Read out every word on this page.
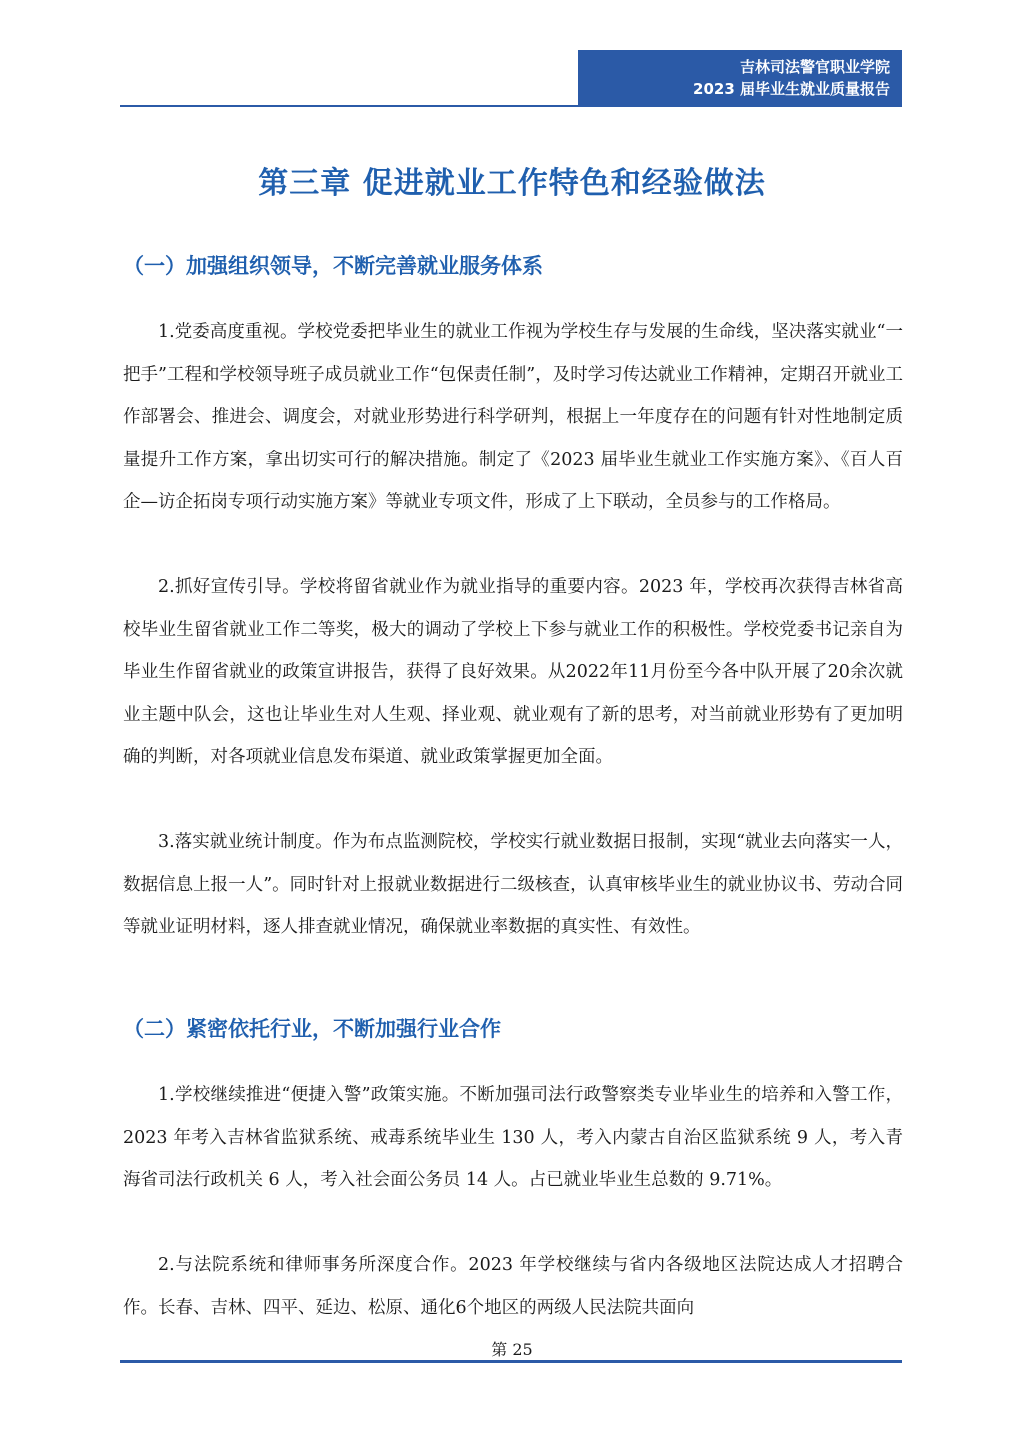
吉林司法警官职业学院
2023 届毕业生就业质量报告
第三章 促进就业工作特色和经验做法
（一）加强组织领导，不断完善就业服务体系

1.党委高度重视。学校党委把毕业生的就业工作视为学校生存与发展的生命线，坚决落实就业“一把手”工程和学校领导班子成员就业工作“包保责任制”，及时学习传达就业工作精神，定期召开就业工作部署会、推进会、调度会，对就业形势进行科学研判，根据上一年度存在的问题有针对性地制定质量提升工作方案，拿出切实可行的解决措施。制定了《2023 届毕业生就业工作实施方案》、《百人百企—访企拓岗专项行动实施方案》等就业专项文件，形成了上下联动，全员参与的工作格局。

2.抓好宣传引导。学校将留省就业作为就业指导的重要内容。2023 年，学校再次获得吉林省高校毕业生留省就业工作二等奖，极大的调动了学校上下参与就业工作的积极性。学校党委书记亲自为毕业生作留省就业的政策宣讲报告，获得了良好效果。从2022年11月份至今各中队开展了20余次就业主题中队会，这也让毕业生对人生观、择业观、就业观有了新的思考，对当前就业形势有了更加明确的判断，对各项就业信息发布渠道、就业政策掌握更加全面。

3.落实就业统计制度。作为布点监测院校，学校实行就业数据日报制，实现“就业去向落实一人，数据信息上报一人”。同时针对上报就业数据进行二级核查，认真审核毕业生的就业协议书、劳动合同等就业证明材料，逐人排查就业情况，确保就业率数据的真实性、有效性。

（二）紧密依托行业，不断加强行业合作

1.学校继续推进“便捷入警”政策实施。不断加强司法行政警察类专业毕业生的培养和入警工作，2023 年考入吉林省监狱系统、戒毒系统毕业生 130 人，考入内蒙古自治区监狱系统 9 人，考入青海省司法行政机关 6 人，考入社会面公务员 14 人。占已就业毕业生总数的 9.71%。

2.与法院系统和律师事务所深度合作。2023 年学校继续与省内各级地区法院达成人才招聘合作。长春、吉林、四平、延边、松原、通化6个地区的两级人民法院共面向

第 25
